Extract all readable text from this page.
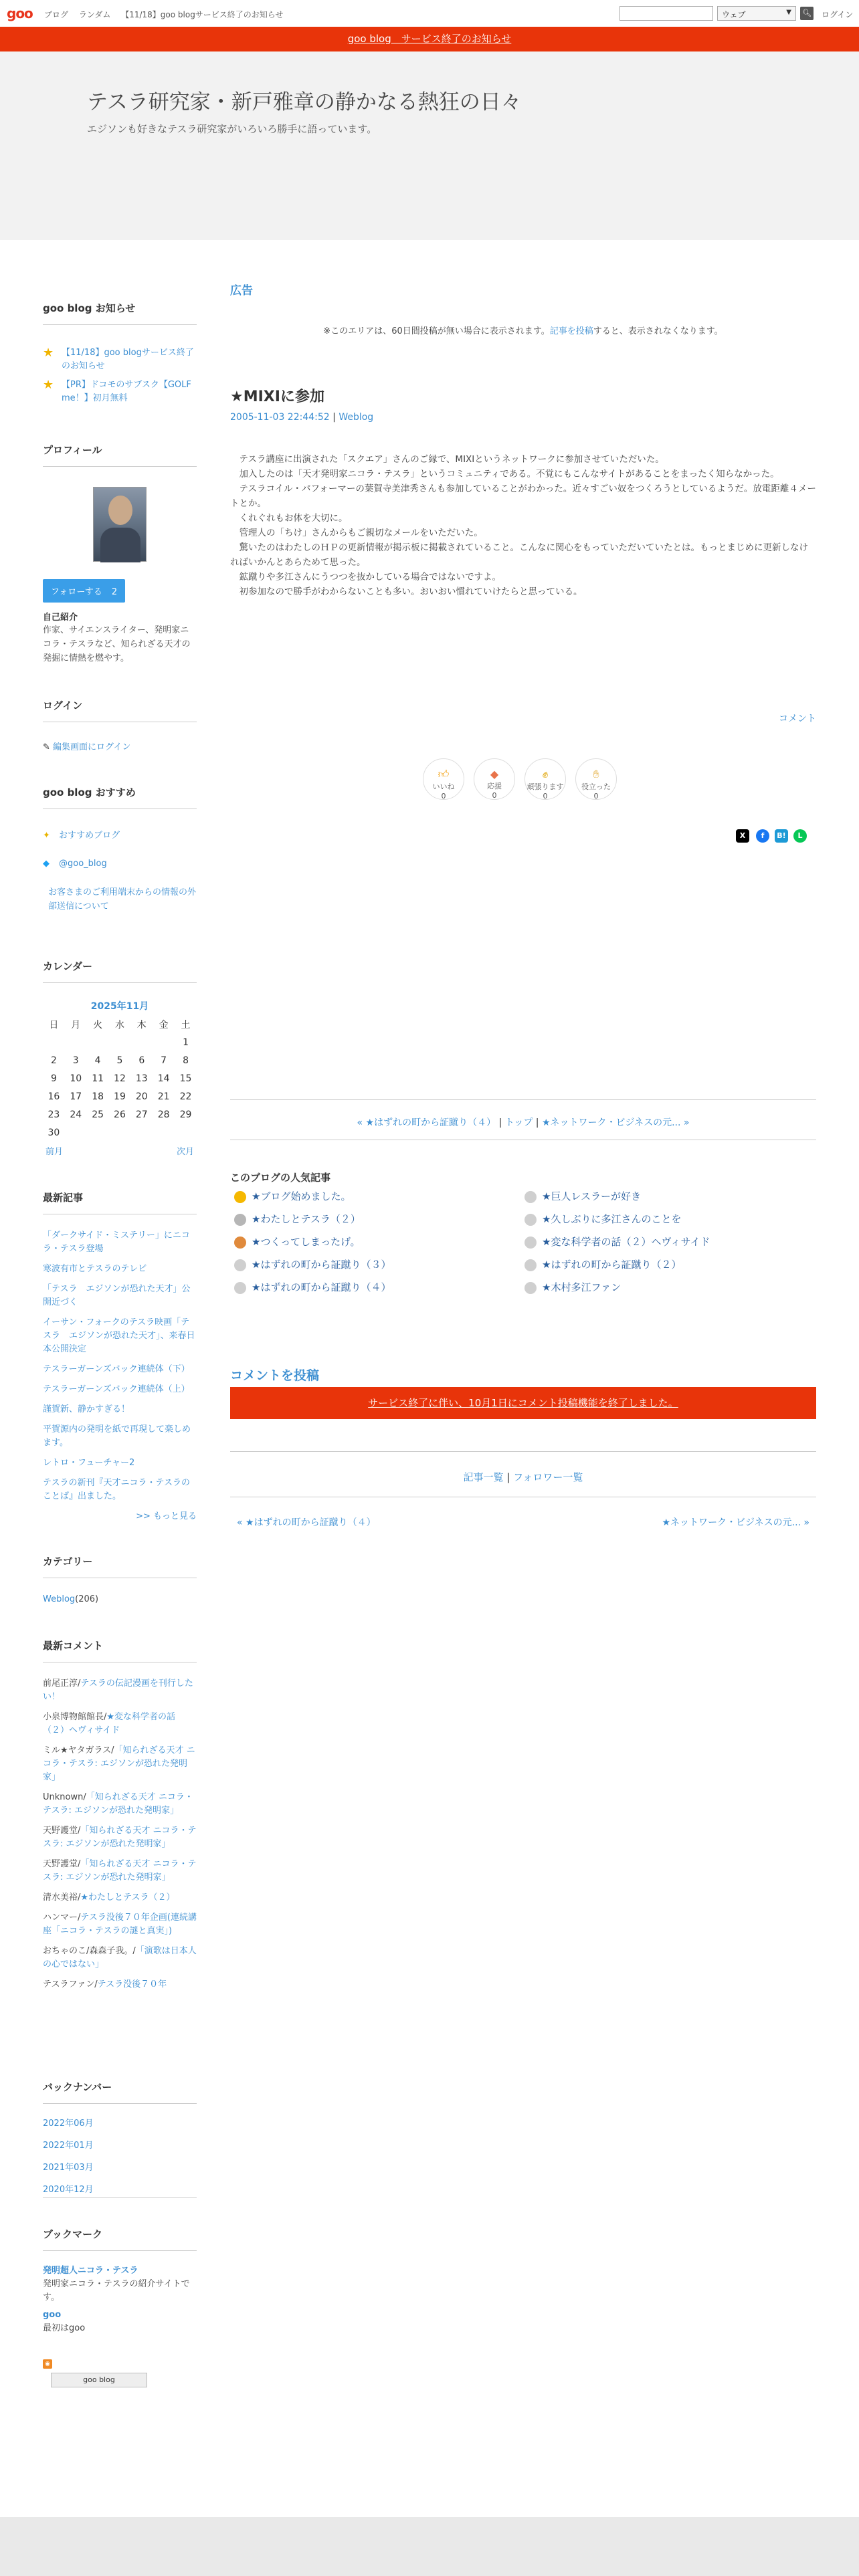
goo ブログ ランダム 【11/18】goo blogサービス終了のお知らせ	ウェブ	▼ 🔍︎ ログイン
goo blog　サービス終了のお知らせ
テスラ研究家・新戸雅章の静かなる熱狂の日々
エジソンも好きなテスラ研究家がいろいろ勝手に語っています。
goo blog お知らせ
★ 【11/18】goo blogサービス終了のお知らせ
★ 【PR】ドコモのサブスク【GOLF me！】初月無料
プロフィール
フォローする 2
自己紹介
作家、サイエンスライター、発明家ニコラ・テスラなど、知られざる天才の発掘に情熱を燃やす。
ログイン
✎ 編集画面にログイン
goo blog おすすめ
✦ おすすめブログ
◆ @goo_blog
お客さまのご利用端末からの情報の外部送信について
カレンダー
2025年11月
日	月	火	水	木	金	土
						1
2	3	4	5	6	7	8
9	10	11	12	13	14	15
16	17	18	19	20	21	22
23	24	25	26	27	28	29
30						
前月	次月
最新記事
「ダークサイド・ミステリー」にニコラ・テスラ登場
寒波有市とテスラのテレビ
「テスラ　エジソンが恐れた天才」公開近づく
イーサン・フォークのテスラ映画「テスラ　エジソンが恐れた天才」、来春日本公開決定
テスラーガーンズバック連続体（下）
テスラーガーンズバック連続体（上）
謹賀新、静かすぎる！
平賀源内の発明を紙で再現して楽しめます。
レトロ・フューチャー2
テスラの新刊『天才ニコラ・テスラのことば』出ました。
>> もっと見る
カテゴリー
Weblog(206)
最新コメント
前尾正淳/テスラの伝記漫画を刊行したい！
小泉博物館館長/★変な科学者の話（２）ヘヴィサイド
ミル★ヤタガラス/「知られざる天才 ニコラ・テスラ: エジソンが恐れた発明家」
Unknown/「知られざる天才 ニコラ・テスラ: エジソンが恐れた発明家」
天野護堂/「知られざる天才 ニコラ・テスラ: エジソンが恐れた発明家」
天野護堂/「知られざる天才 ニコラ・テスラ: エジソンが恐れた発明家」
清水美裕/★わたしとテスラ（２）
ハンマー/テスラ没後７０年企画(連続講座「ニコラ・テスラの謎と真実」)
おちゃのこ/森森子我。/「演歌は日本人の心ではない」
テスラファン/テスラ没後７０年
バックナンバー
2022年06月
2022年01月
2021年03月
2020年12月
ブックマーク
発明超人ニコラ・テスラ
発明家ニコラ・テスラの紹介サイトです。
goo
最初はgoo
◉
goo blog
広告
※このエリアは、60日間投稿が無い場合に表示されます。記事を投稿すると、表示されなくなります。
★MIXIに参加
2005-11-03 22:44:52 | Weblog
テスラ講座に出演された「スクエア」さんのご縁で、MIXIというネットワークに参加させていただいた。
加入したのは「天才発明家ニコラ・テスラ」というコミュニティである。不覚にもこんなサイトがあることをまったく知らなかった。
テスラコイル・パフォーマーの葉賀寺美津秀さんも参加していることがわかった。近々すごい奴をつくろうとしているようだ。放電距離４メートとか。
くれぐれもお体を大切に。
管理人の「ちけ」さんからもご親切なメールをいただいた。
驚いたのはわたしのＨＰの更新情報が掲示板に掲載されていること。こんなに関心をもっていただいていたとは。もっとまじめに更新しなければいかんとあらためて思った。
鉱蹴りや多江さんにうつつを抜かしている場合ではないですよ。
初参加なので勝手がわからないことも多い。おいおい慣れていけたらと思っている。
コメント
👍︎
いいね
0
◆
応援
0
✊︎
頑張ります
0
✋︎
役立った
0
X	f	B!	L
« ★はずれの町から証蹴り（４） | トップ | ★ネットワーク・ビジネスの元... »
このブログの人気記事
★ブログ始めました。
★わたしとテスラ（２）
★つくってしまったげ。
★はずれの町から証蹴り（３）
★はずれの町から証蹴り（４）
★巨人レスラーが好き
★久しぶりに多江さんのことを
★変な科学者の話（２）ヘヴィサイド
★はずれの町から証蹴り（２）
★木村多江ファン
コメントを投稿
サービス終了に伴い、10月1日にコメント投稿機能を終了しました。
記事一覧 | フォロワー一覧
« ★はずれの町から証蹴り（４）	★ネットワーク・ビジネスの元... »
